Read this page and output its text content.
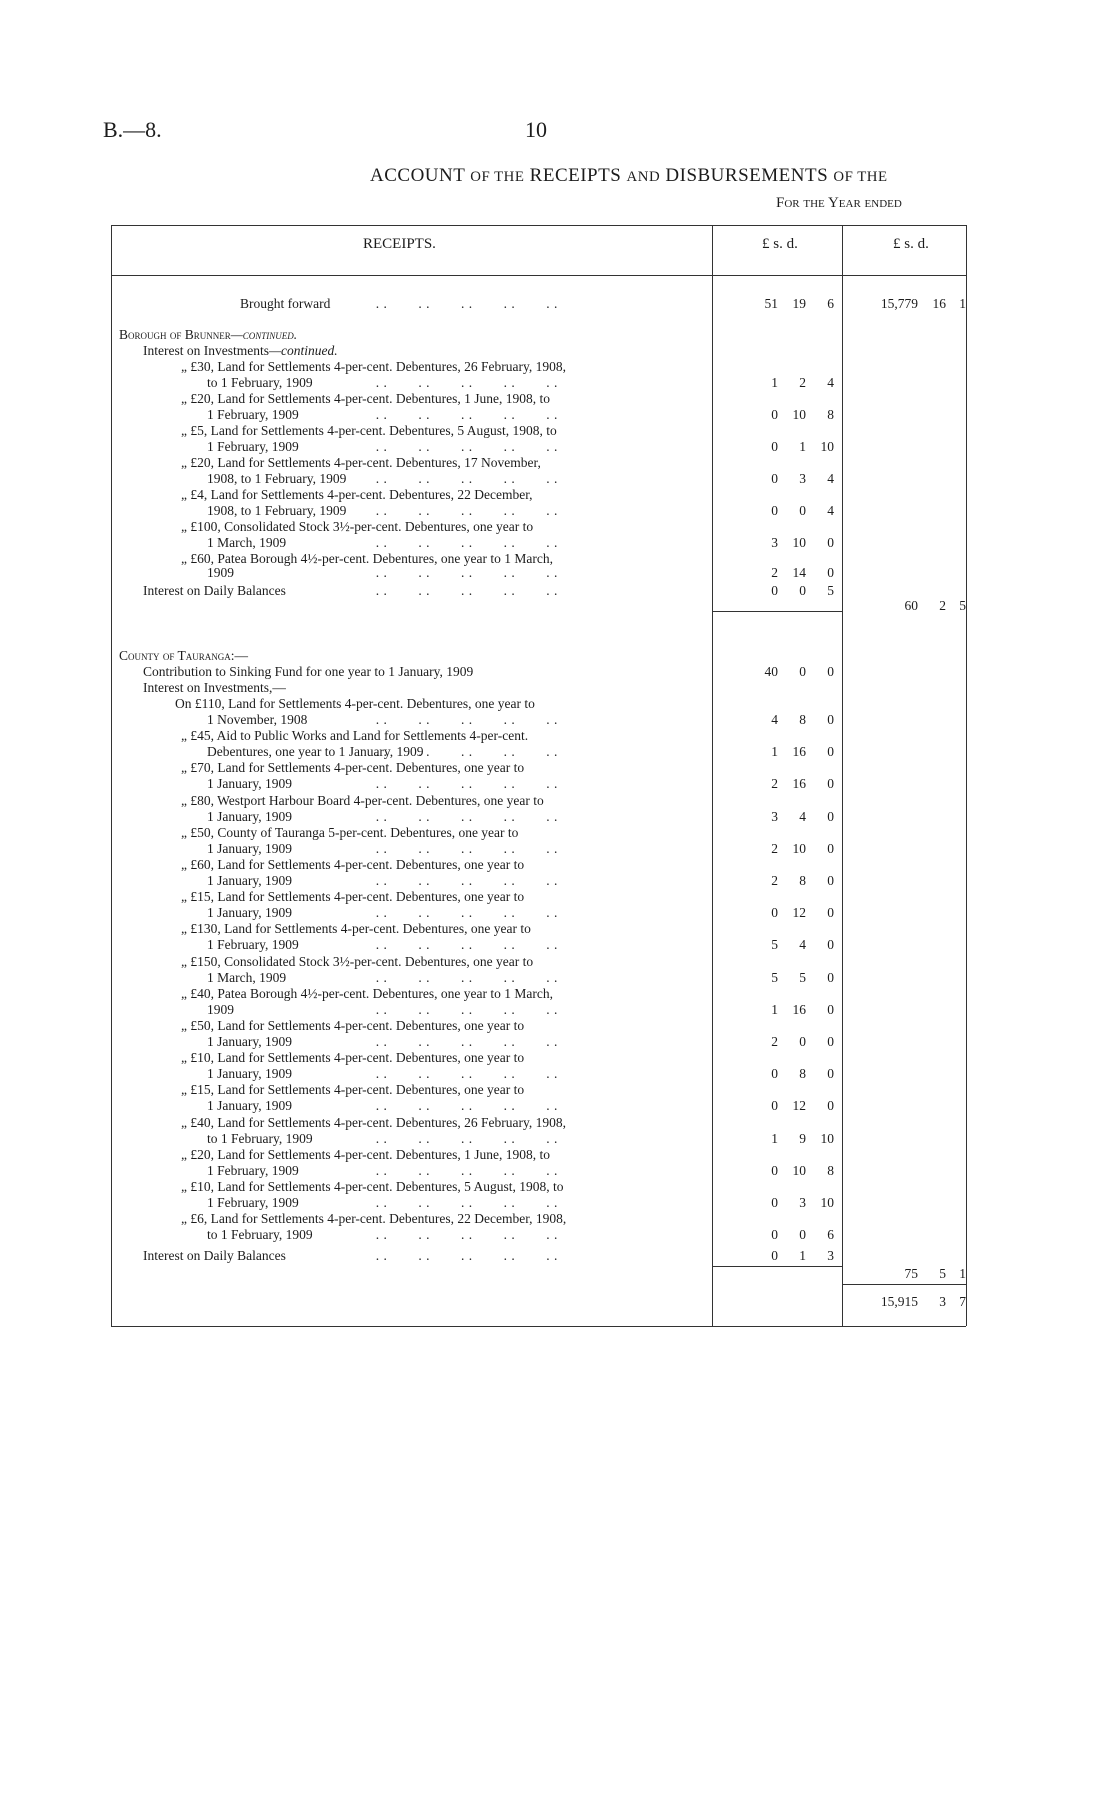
B.—8.	10
ACCOUNT OF THE RECEIPTS AND DISBURSEMENTS OF THE
For the Year ended
RECEIPTS.	£ s. d.	£ s. d.
Brought forward	. .        . .        . .        . .        . .	51	19	6	15,779	16 1
Borough of Brunner—continued.
Interest on Investments—continued.
„ £30, Land for Settlements 4-per-cent. Debentures, 26 February, 1908,
to 1 February, 1909	. .        . .        . .        . .        . .	1	2	4
„ £20, Land for Settlements 4-per-cent. Debentures, 1 June, 1908, to
1 February, 1909	. .        . .        . .        . .        . .	0	10	8
„ £5, Land for Settlements 4-per-cent. Debentures, 5 August, 1908, to
1 February, 1909	. .        . .        . .        . .        . .	0	1	10
„ £20, Land for Settlements 4-per-cent. Debentures, 17 November,
1908, to 1 February, 1909 . .        . .        . .        . .        . .	0	3	4
„ £4, Land for Settlements 4-per-cent. Debentures, 22 December,
1908, to 1 February, 1909 . .        . .        . .        . .        . .	0	0	4
„ £100, Consolidated Stock 3½-per-cent. Debentures, one year to
1 March, 1909	. .        . .        . .        . .        . .	3	10	0
„ £60, Patea Borough 4½-per-cent. Debentures, one year to 1 March,
1909	. .        . .        . .        . .        . .	2	14	0
Interest on Daily Balances	. .        . .        . .        . .        . .	0	0	5
60	2 5
County of Tauranga:—
Contribution to Sinking Fund for one year to 1 January, 1909	40	0	0
Interest on Investments,—
On £110, Land for Settlements 4-per-cent. Debentures, one year to
1 November, 1908	. .        . .        . .        . .        . .	4	8	0
„ £45, Aid to Public Works and Land for Settlements 4-per-cent.
Debentures, one year to 1 January, 1909
. .        . .        . .        . .        . .	1	16	0
„ £70, Land for Settlements 4-per-cent. Debentures, one year to
1 January, 1909	. .        . .        . .        . .        . .	2	16	0
„ £80, Westport Harbour Board 4-per-cent. Debentures, one year to
1 January, 1909	. .        . .        . .        . .        . .	3	4	0
„ £50, County of Tauranga 5-per-cent. Debentures, one year to
1 January, 1909	. .        . .        . .        . .        . .	2	10	0
„ £60, Land for Settlements 4-per-cent. Debentures, one year to
1 January, 1909	. .        . .        . .        . .        . .	2	8	0
„ £15, Land for Settlements 4-per-cent. Debentures, one year to
1 January, 1909	. .        . .        . .        . .        . .	0	12	0
„ £130, Land for Settlements 4-per-cent. Debentures, one year to
1 February, 1909	. .        . .        . .        . .        . .	5	4	0
„ £150, Consolidated Stock 3½-per-cent. Debentures, one year to
1 March, 1909	. .        . .        . .        . .        . .	5	5	0
„ £40, Patea Borough 4½-per-cent. Debentures, one year to 1 March,
1909	. .        . .        . .        . .        . .	1	16	0
„ £50, Land for Settlements 4-per-cent. Debentures, one year to
1 January, 1909	. .        . .        . .        . .        . .	2	0	0
„ £10, Land for Settlements 4-per-cent. Debentures, one year to
1 January, 1909	. .        . .        . .        . .        . .	0	8	0
„ £15, Land for Settlements 4-per-cent. Debentures, one year to
1 January, 1909	. .        . .        . .        . .        . .	0	12	0
„ £40, Land for Settlements 4-per-cent. Debentures, 26 February, 1908,
to 1 February, 1909	. .        . .        . .        . .        . .	1	9	10
„ £20, Land for Settlements 4-per-cent. Debentures, 1 June, 1908, to
1 February, 1909	. .        . .        . .        . .        . .	0	10	8
„ £10, Land for Settlements 4-per-cent. Debentures, 5 August, 1908, to
1 February, 1909	. .        . .        . .        . .        . .	0	3	10
„ £6, Land for Settlements 4-per-cent. Debentures, 22 December, 1908,
to 1 February, 1909	. .        . .        . .        . .        . .	0	0	6
Interest on Daily Balances	. .        . .        . .        . .        . .	0	1	3
75	5 1
15,915	3 7
